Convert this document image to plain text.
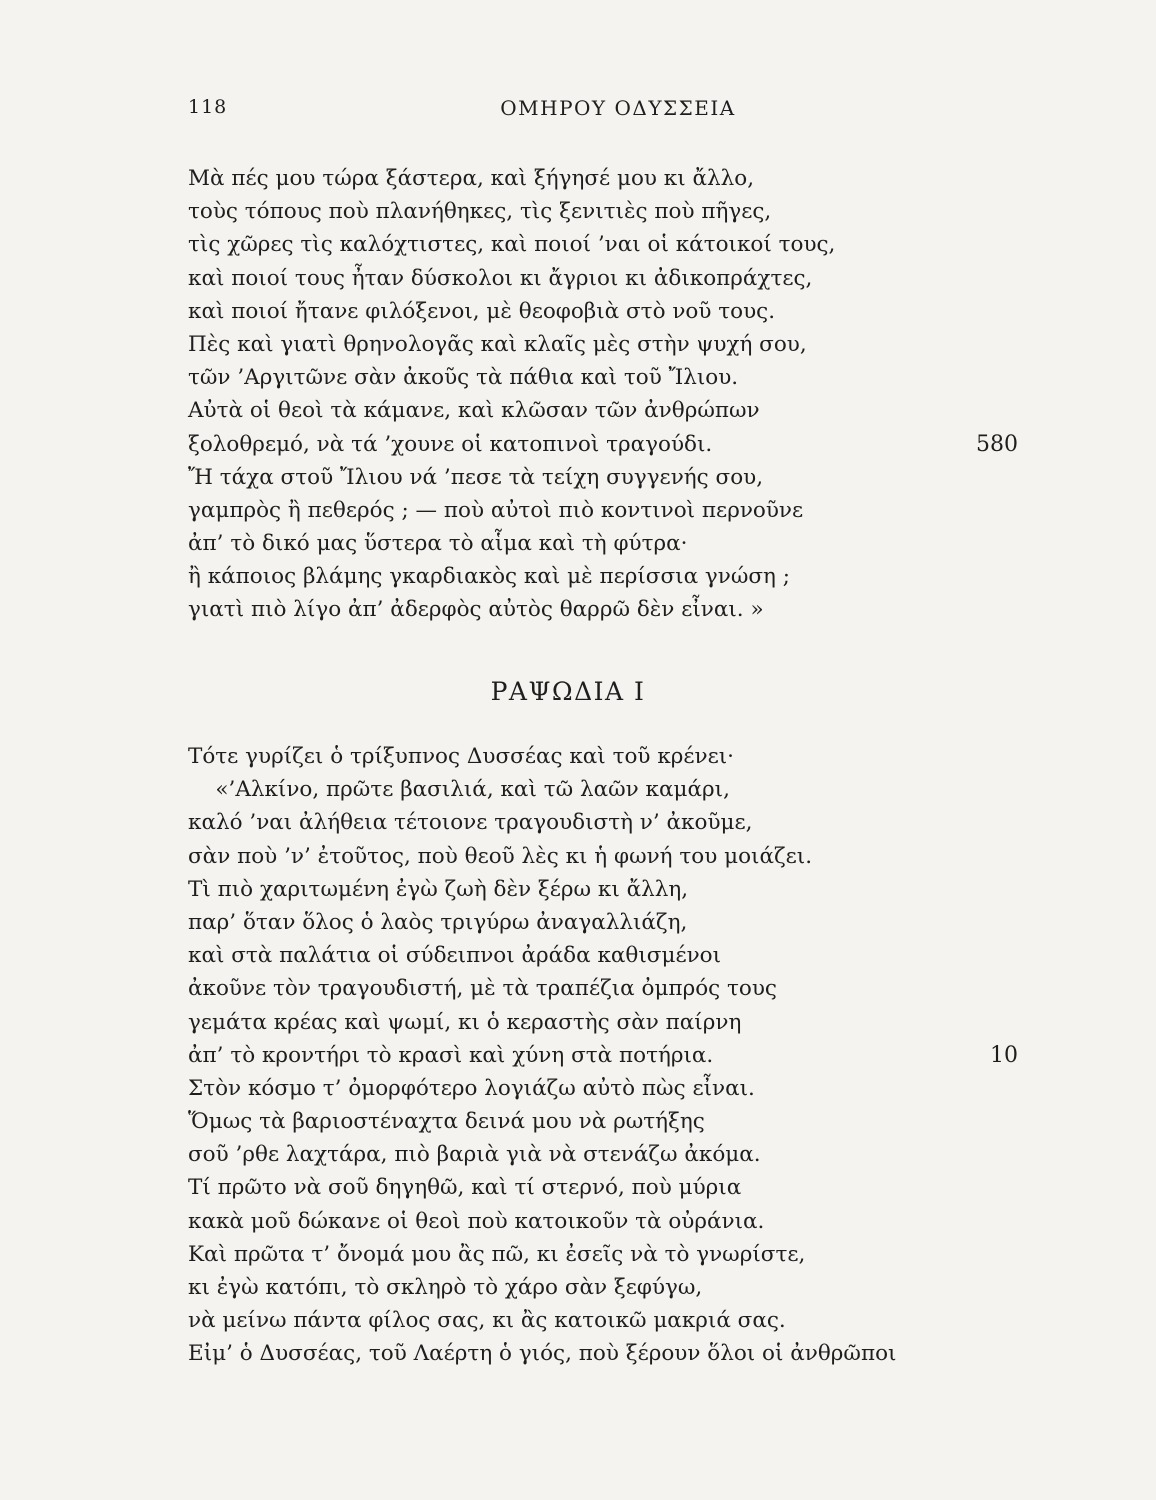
118	ΟΜΗΡΟΥ ΟΔΥΣΣΕΙΑ
Μὰ πές μου τώρα ξάστερα, καὶ ξήγησέ μου κι ἄλλο,
τοὺς τόπους ποὺ πλανήθηκες, τὶς ξενιτιὲς ποὺ πῆγες,
τὶς χῶρες τὶς καλόχτιστες, καὶ ποιοί ’ναι οἱ κάτοικοί τους,
καὶ ποιοί τους ἦταν δύσκολοι κι ἄγριοι κι ἀδικοπράχτες,
καὶ ποιοί ἤτανε φιλόξενοι, μὲ θεοφοβιὰ στὸ νοῦ τους.
Πὲς καὶ γιατὶ θρηνολογᾶς καὶ κλαῖς μὲς στὴν ψυχή σου,
τῶν ’Αργιτῶνε σὰν ἀκοῦς τὰ πάθια καὶ τοῦ Ἴλιου.
Αὐτὰ οἱ θεοὶ τὰ κάμανε, καὶ κλῶσαν τῶν ἀνθρώπων
ξολοθρεμό, νὰ τά ’χουνε οἱ κατοπινοὶ τραγούδι.	580
Ἤ τάχα στοῦ Ἴλιου νά ’πεσε τὰ τείχη συγγενής σου,
γαμπρὸς ἢ πεθερός ; — ποὺ αὐτοὶ πιὸ κοντινοὶ περνοῦνε
ἀπ’ τὸ δικό μας ὕστερα τὸ αἷμα καὶ τὴ φύτρα·
ἢ κάποιος βλάμης γκαρδιακὸς καὶ μὲ περίσσια γνώση ;
γιατὶ πιὸ λίγο ἀπ’ ἀδερφὸς αὐτὸς θαρρῶ δὲν εἶναι. »
ΡΑΨΩΔΙΑ Ι
Τότε γυρίζει ὁ τρίξυπνος Δυσσέας καὶ τοῦ κρένει·
«’Αλκίνο, πρῶτε βασιλιά, καὶ τῶ λαῶν καμάρι,
καλό ’ναι ἀλήθεια τέτοιονε τραγουδιστὴ ν’ ἀκοῦμε,
σὰν ποὺ ’ν’ ἐτοῦτος, ποὺ θεοῦ λὲς κι ἡ φωνή του μοιάζει.
Τὶ πιὸ χαριτωμένη ἐγὼ ζωὴ δὲν ξέρω κι ἄλλη,
παρ’ ὅταν ὅλος ὁ λαὸς τριγύρω ἀναγαλλιάζη,
καὶ στὰ παλάτια οἱ σύδειπνοι ἀράδα καθισμένοι
ἀκοῦνε τὸν τραγουδιστή, μὲ τὰ τραπέζια ὀμπρός τους
γεμάτα κρέας καὶ ψωμί, κι ὁ κεραστὴς σὰν παίρνη
ἀπ’ τὸ κροντήρι τὸ κρασὶ καὶ χύνη στὰ ποτήρια.	10
Στὸν κόσμο τ’ ὀμορφότερο λογιάζω αὐτὸ πὼς εἶναι.
Ὅμως τὰ βαριοστέναχτα δεινά μου νὰ ρωτήξης
σοῦ ’ρθε λαχτάρα, πιὸ βαριὰ γιὰ νὰ στενάζω ἀκόμα.
Τί πρῶτο νὰ σοῦ δηγηθῶ, καὶ τί στερνό, ποὺ μύρια
κακὰ μοῦ δώκανε οἱ θεοὶ ποὺ κατοικοῦν τὰ οὐράνια.
Καὶ πρῶτα τ’ ὄνομά μου ἂς πῶ, κι ἐσεῖς νὰ τὸ γνωρίστε,
κι ἐγὼ κατόπι, τὸ σκληρὸ τὸ χάρο σὰν ξεφύγω,
νὰ μείνω πάντα φίλος σας, κι ἂς κατοικῶ μακριά σας.
Εἰμ’ ὁ Δυσσέας, τοῦ Λαέρτη ὁ γιός, ποὺ ξέρουν ὅλοι οἱ ἀνθρῶποι
